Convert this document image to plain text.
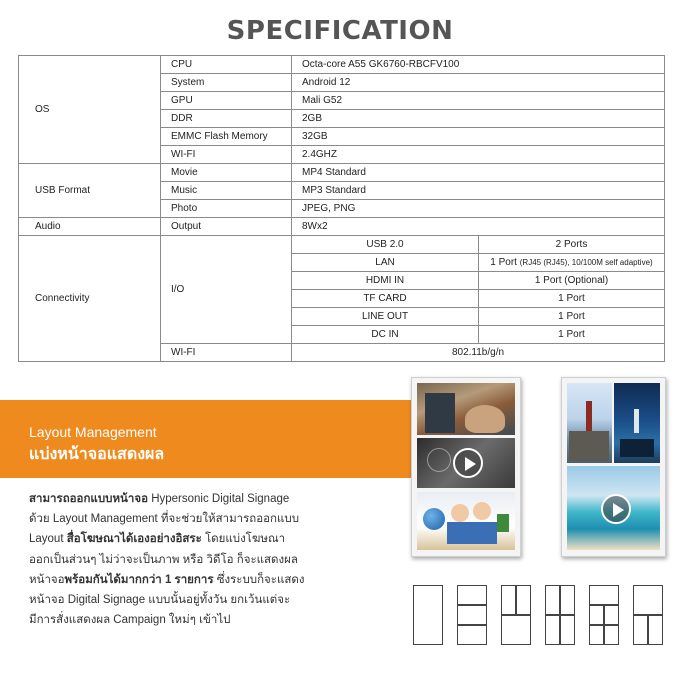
SPECIFICATION
OS	CPU	Octa-core A55 GK6760-RBCFV100	
	System	Android 12	
	GPU	Mali G52	
	DDR	2GB	
	EMMC Flash Memory	32GB	
	WI-FI	2.4GHZ	
USB Format	Movie	MP4 Standard	
	Music	MP3 Standard	
	Photo	JPEG, PNG	
Audio	Output	8Wx2	
Connectivity	I/O	USB 2.0	2 Ports
		LAN	1 Port (RJ45 (RJ45), 10/100M self adaptive)
		HDMI IN	1 Port (Optional)
		TF CARD	1 Port
		LINE OUT	1 Port
		DC IN	1 Port
	WI-FI	802.11b/g/n	
Layout Management
แบ่งหน้าจอแสดงผล
สามารถออกแบบหน้าจอ Hypersonic Digital Signage
ด้วย Layout Management ที่จะช่วยให้สามารถออกแบบ
Layout สื่อโฆษณาได้เองอย่างอิสระ โดยแบ่งโฆษณา
ออกเป็นส่วนๆ ไม่ว่าจะเป็นภาพ หรือ วิดีโอ ก็จะแสดงผล
หน้าจอพร้อมกันได้มากกว่า 1 รายการ ซึ่งระบบก็จะแสดง
หน้าจอ Digital Signage แบบนั้นอยู่ทั้งวัน ยกเว้นแต่จะ
มีการสั่งแสดงผล Campaign ใหม่ๆ เข้าไป
